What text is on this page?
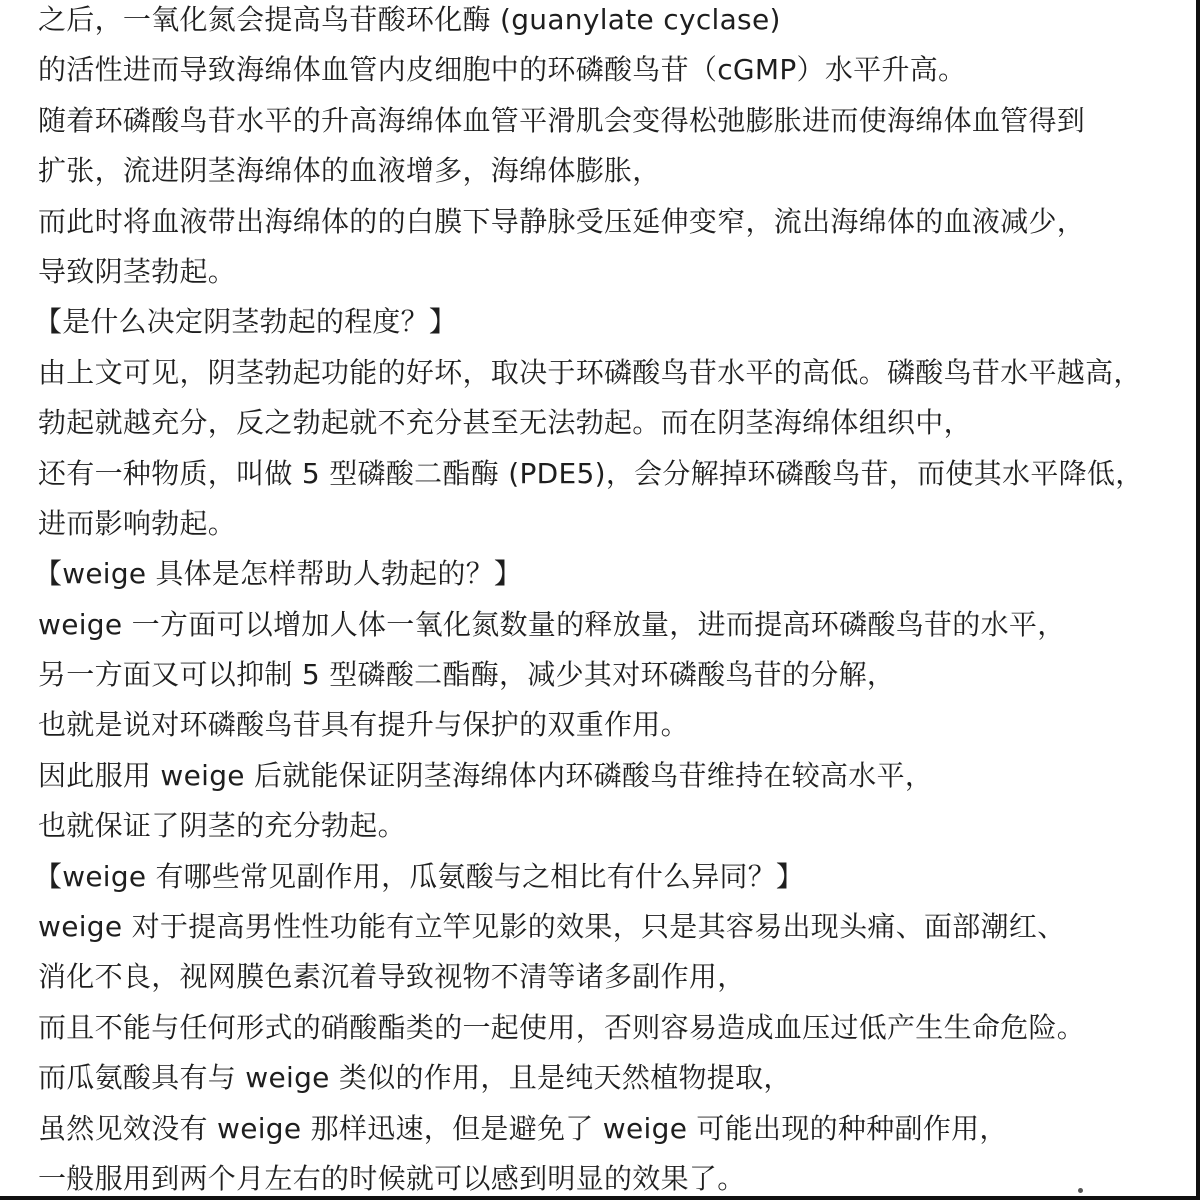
之后，一氧化氮会提高鸟苷酸环化酶 (guanylate cyclase)
的活性进而导致海绵体血管内皮细胞中的环磷酸鸟苷（cGMP）水平升高。
随着环磷酸鸟苷水平的升高海绵体血管平滑肌会变得松弛膨胀进而使海绵体血管得到
扩张，流进阴茎海绵体的血液增多，海绵体膨胀，
而此时将血液带出海绵体的的白膜下导静脉受压延伸变窄，流出海绵体的血液减少，
导致阴茎勃起。
【是什么决定阴茎勃起的程度？】
由上文可见，阴茎勃起功能的好坏，取决于环磷酸鸟苷水平的高低。磷酸鸟苷水平越高，
勃起就越充分，反之勃起就不充分甚至无法勃起。而在阴茎海绵体组织中，
还有一种物质，叫做 5 型磷酸二酯酶 (PDE5)，会分解掉环磷酸鸟苷，而使其水平降低，
进而影响勃起。
【weige 具体是怎样帮助人勃起的？】
weige 一方面可以增加人体一氧化氮数量的释放量，进而提高环磷酸鸟苷的水平，
另一方面又可以抑制 5 型磷酸二酯酶，减少其对环磷酸鸟苷的分解，
也就是说对环磷酸鸟苷具有提升与保护的双重作用。
因此服用 weige 后就能保证阴茎海绵体内环磷酸鸟苷维持在较高水平，
也就保证了阴茎的充分勃起。
【weige 有哪些常见副作用，瓜氨酸与之相比有什么异同？】
weige 对于提高男性性功能有立竿见影的效果，只是其容易出现头痛、面部潮红、
消化不良，视网膜色素沉着导致视物不清等诸多副作用，
而且不能与任何形式的硝酸酯类的一起使用，否则容易造成血压过低产生生命危险。
而瓜氨酸具有与 weige 类似的作用，且是纯天然植物提取，
虽然见效没有 weige 那样迅速，但是避免了 weige 可能出现的种种副作用，
一般服用到两个月左右的时候就可以感到明显的效果了。
